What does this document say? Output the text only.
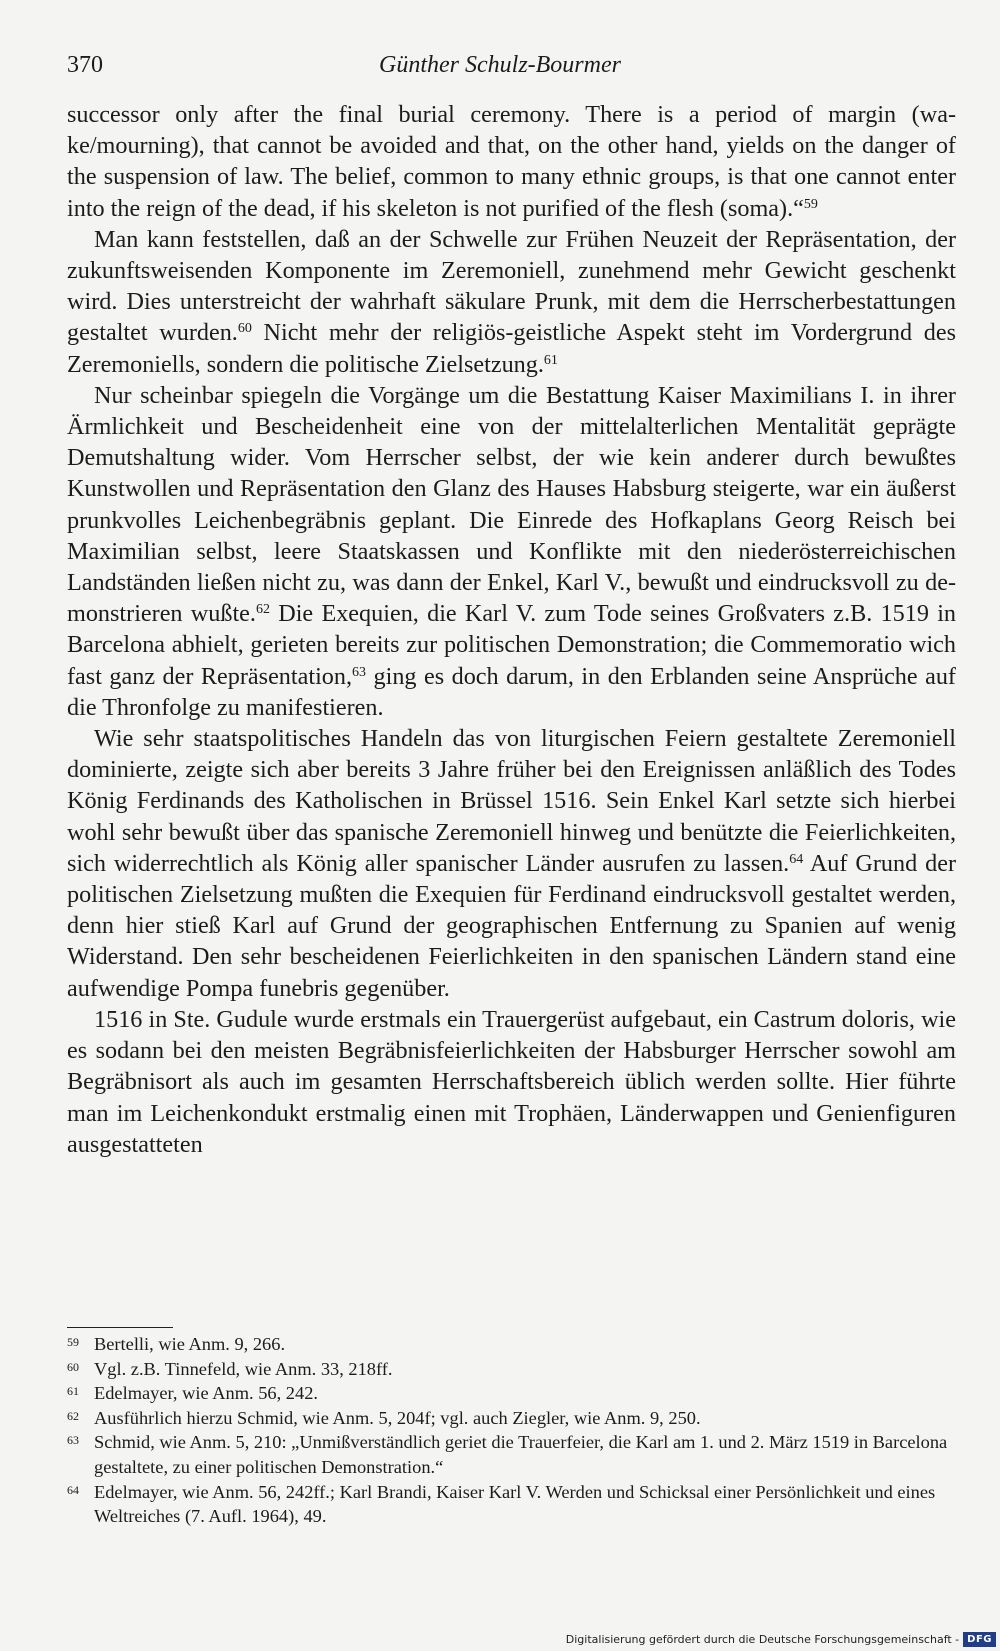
370	Günther Schulz-Bourmer

successor only after the final burial ceremony. There is a period of margin (wake/mourning), that cannot be avoided and that, on the other hand, yields on the danger of the suspension of law. The belief, common to many ethnic groups, is that one cannot enter into the reign of the dead, if his skeleton is not purified of the flesh (soma).“$^{59}$

Man kann feststellen, daß an der Schwelle zur Frühen Neuzeit der Repräsentation, der zukunftsweisenden Komponente im Zeremoniell, zunehmend mehr Gewicht geschenkt wird. Dies unterstreicht der wahrhaft säkulare Prunk, mit dem die Herrscherbestattungen gestaltet wurden.$^{60}$ Nicht mehr der religiös-geistliche Aspekt steht im Vordergrund des Zeremoniells, sondern die politische Zielsetzung.$^{61}$

Nur scheinbar spiegeln die Vorgänge um die Bestattung Kaiser Maximilians I. in ihrer Ärmlichkeit und Bescheidenheit eine von der mittelalterlichen Mentalität geprägte Demutshaltung wider. Vom Herrscher selbst, der wie kein anderer durch bewußtes Kunstwollen und Repräsentation den Glanz des Hauses Habsburg steigerte, war ein äußerst prunkvolles Leichenbegräbnis geplant. Die Einrede des Hofkaplans Georg Reisch bei Maximilian selbst, leere Staatskassen und Konflikte mit den niederösterreichischen Landständen ließen nicht zu, was dann der Enkel, Karl V., bewußt und eindrucksvoll zu demonstrieren wußte.$^{62}$ Die Exequien, die Karl V. zum Tode seines Großvaters z.B. 1519 in Barcelona abhielt, gerieten bereits zur politischen Demonstration; die Commemoratio wich fast ganz der Repräsentation,$^{63}$ ging es doch darum, in den Erblanden seine Ansprüche auf die Thronfolge zu manifestieren.

Wie sehr staatspolitisches Handeln das von liturgischen Feiern gestaltete Zeremoniell dominierte, zeigte sich aber bereits 3 Jahre früher bei den Ereignissen anläßlich des Todes König Ferdinands des Katholischen in Brüssel 1516. Sein Enkel Karl setzte sich hierbei wohl sehr bewußt über das spanische Zeremoniell hinweg und benützte die Feierlichkeiten, sich widerrechtlich als König aller spanischer Länder ausrufen zu lassen.$^{64}$ Auf Grund der politischen Zielsetzung mußten die Exequien für Ferdinand eindrucksvoll gestaltet werden, denn hier stieß Karl auf Grund der geographischen Entfernung zu Spanien auf wenig Widerstand. Den sehr bescheidenen Feierlichkeiten in den spanischen Ländern stand eine aufwendige Pompa funebris gegenüber.

1516 in Ste. Gudule wurde erstmals ein Trauergerüst aufgebaut, ein Castrum doloris, wie es sodann bei den meisten Begräbnisfeierlichkeiten der Habsburger Herrscher sowohl am Begräbnisort als auch im gesamten Herrschaftsbereich üblich werden sollte. Hier führte man im Leichenkondukt erstmalig einen mit Trophäen, Länderwappen und Genienfiguren ausgestatteten

59 Bertelli, wie Anm. 9, 266.
60 Vgl. z.B. Tinnefeld, wie Anm. 33, 218ff.
61 Edelmayer, wie Anm. 56, 242.
62 Ausführlich hierzu Schmid, wie Anm. 5, 204f; vgl. auch Ziegler, wie Anm. 9, 250.
63 Schmid, wie Anm. 5, 210: „Unmißverständlich geriet die Trauerfeier, die Karl am 1. und 2. März 1519 in Barcelona gestaltete, zu einer politischen Demonstration.“
64 Edelmayer, wie Anm. 56, 242ff.; Karl Brandi, Kaiser Karl V. Werden und Schicksal einer Persönlichkeit und eines Weltreiches (7. Aufl. 1964), 49.
Digitalisierung gefördert durch die Deutsche Forschungsgemeinschaft - DFG
